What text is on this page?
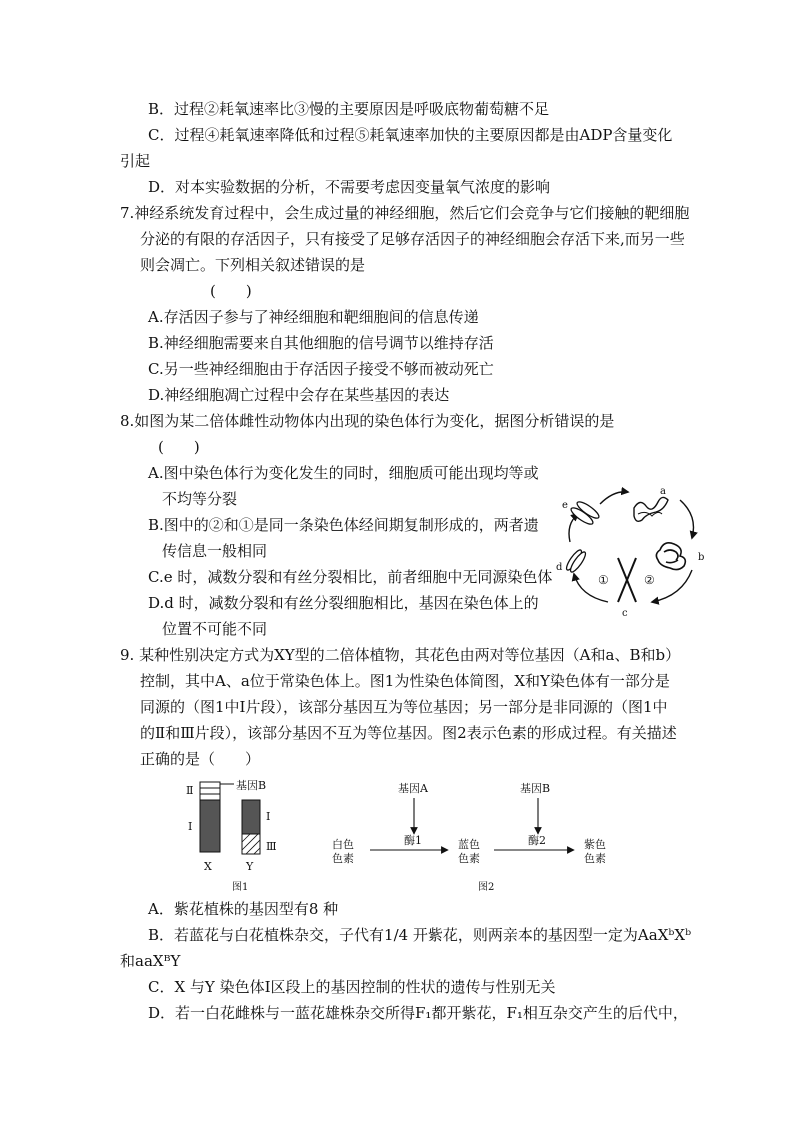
B．过程②耗氧速率比③慢的主要原因是呼吸底物葡萄糖不足
C．过程④耗氧速率降低和过程⑤耗氧速率加快的主要原因都是由ADP含量变化
引起
D．对本实验数据的分析，不需要考虑因变量氧气浓度的影响
7.神经系统发育过程中，会生成过量的神经细胞，然后它们会竞争与它们接触的靶细胞
分泌的有限的存活因子，只有接受了足够存活因子的神经细胞会存活下来,而另一些
则会凋亡。下列相关叙述错误的是
(　　)
A.存活因子参与了神经细胞和靶细胞间的信息传递
B.神经细胞需要来自其他细胞的信号调节以维持存活
C.另一些神经细胞由于存活因子接受不够而被动死亡
D.神经细胞凋亡过程中会存在某些基因的表达
8.如图为某二倍体雌性动物体内出现的染色体行为变化，据图分析错误的是
(　　)
A.图中染色体行为变化发生的同时，细胞质可能出现均等或
不均等分裂
B.图中的②和①是同一条染色体经间期复制形成的，两者遗
传信息一般相同
C.e 时，减数分裂和有丝分裂相比，前者细胞中无同源染色体
D.d 时，减数分裂和有丝分裂细胞相比，基因在染色体上的
位置不可能不同
e
a
b
c
d
①	②
9. 某种性别决定方式为XY型的二倍体植物，其花色由两对等位基因（A和a、B和b）
控制，其中A、a位于常染色体上。图1为性染色体简图，X和Y染色体有一部分是
同源的（图1中Ⅰ片段），该部分基因互为等位基因；另一部分是非同源的（图1中
的Ⅱ和Ⅲ片段），该部分基因不互为等位基因。图2表示色素的形成过程。有关描述
正确的是（　　）
Ⅱ
Ⅰ
Ⅰ
Ⅲ
基因B
X	Y
图1
基因A	基因B
白色
色素
酶1	蓝色
色素
酶2	紫色
色素
图2
A．紫花植株的基因型有8 种
B．若蓝花与白花植株杂交，子代有1/4 开紫花，则两亲本的基因型一定为AaXᵇXᵇ
和aaXᴮY
C．X 与Y 染色体Ⅰ区段上的基因控制的性状的遗传与性别无关
D．若一白花雌株与一蓝花雄株杂交所得F₁都开紫花，F₁相互杂交产生的后代中，
